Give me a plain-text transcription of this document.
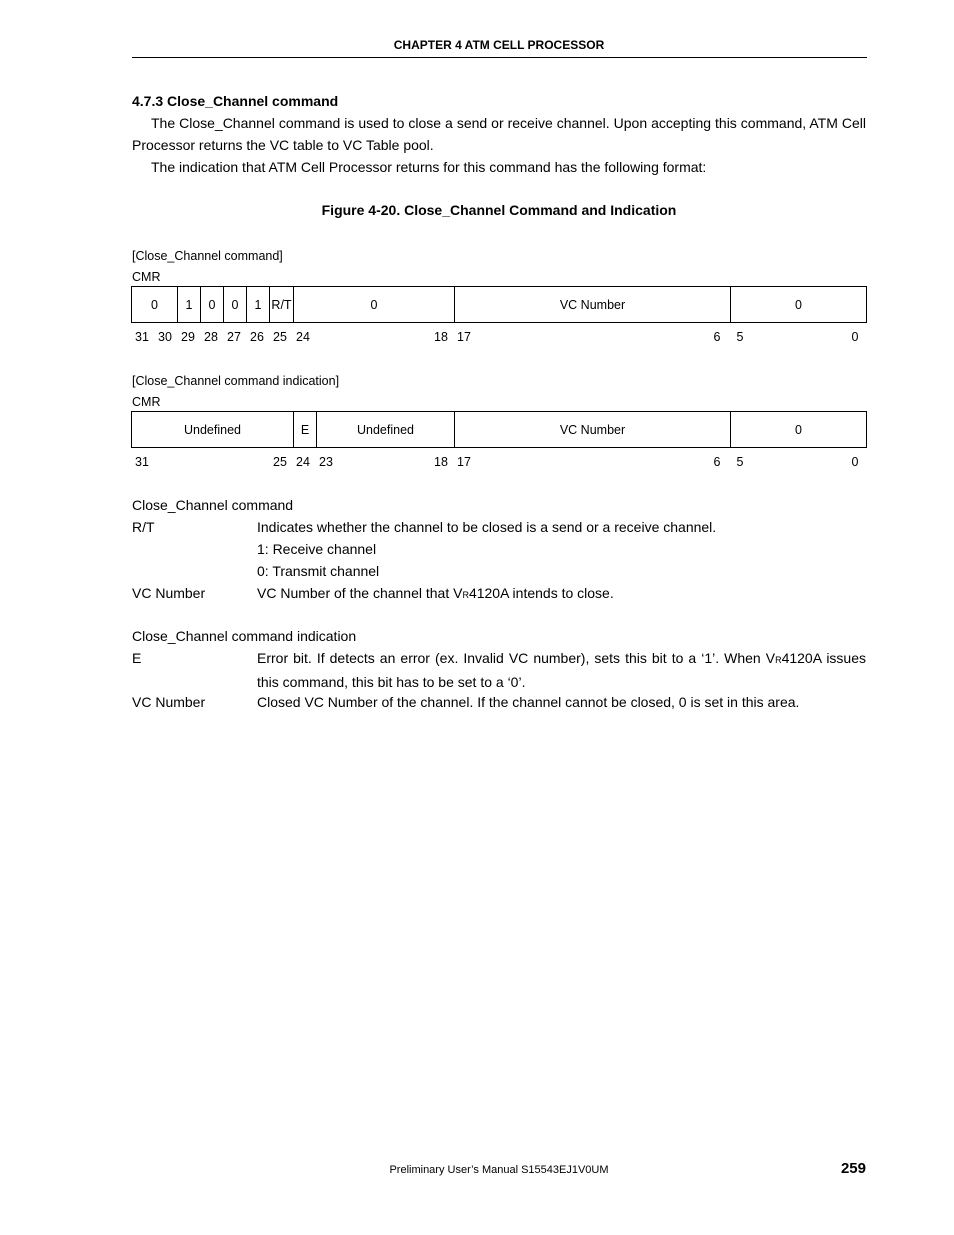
CHAPTER 4 ATM CELL PROCESSOR
4.7.3 Close_Channel command
The Close_Channel command is used to close a send or receive channel. Upon accepting this command, ATM Cell Processor returns the VC table to VC Table pool.
The indication that ATM Cell Processor returns for this command has the following format:
Figure 4-20. Close_Channel Command and Indication
[Close_Channel command]
CMR
0	1	0	0	1 R/T	0	VC Number	0
31 30 29 28 27 26 25 24	18 17	6 5	0
[Close_Channel command indication]
CMR
Undefined	E	Undefined	VC Number	0
31	25 24 23	18 17	6 5	0
Close_Channel command
R/T	Indicates whether the channel to be closed is a send or a receive channel.
1: Receive channel
0: Transmit channel
VC Number	VC Number of the channel that VR4120A intends to close.
Close_Channel command indication
E	Error bit. If detects an error (ex. Invalid VC number), sets this bit to a ‘1’. When VR4120A issues this command, this bit has to be set to a ‘0’.
VC Number	Closed VC Number of the channel. If the channel cannot be closed, 0 is set in this area.
Preliminary User’s Manual S15543EJ1V0UM	259
